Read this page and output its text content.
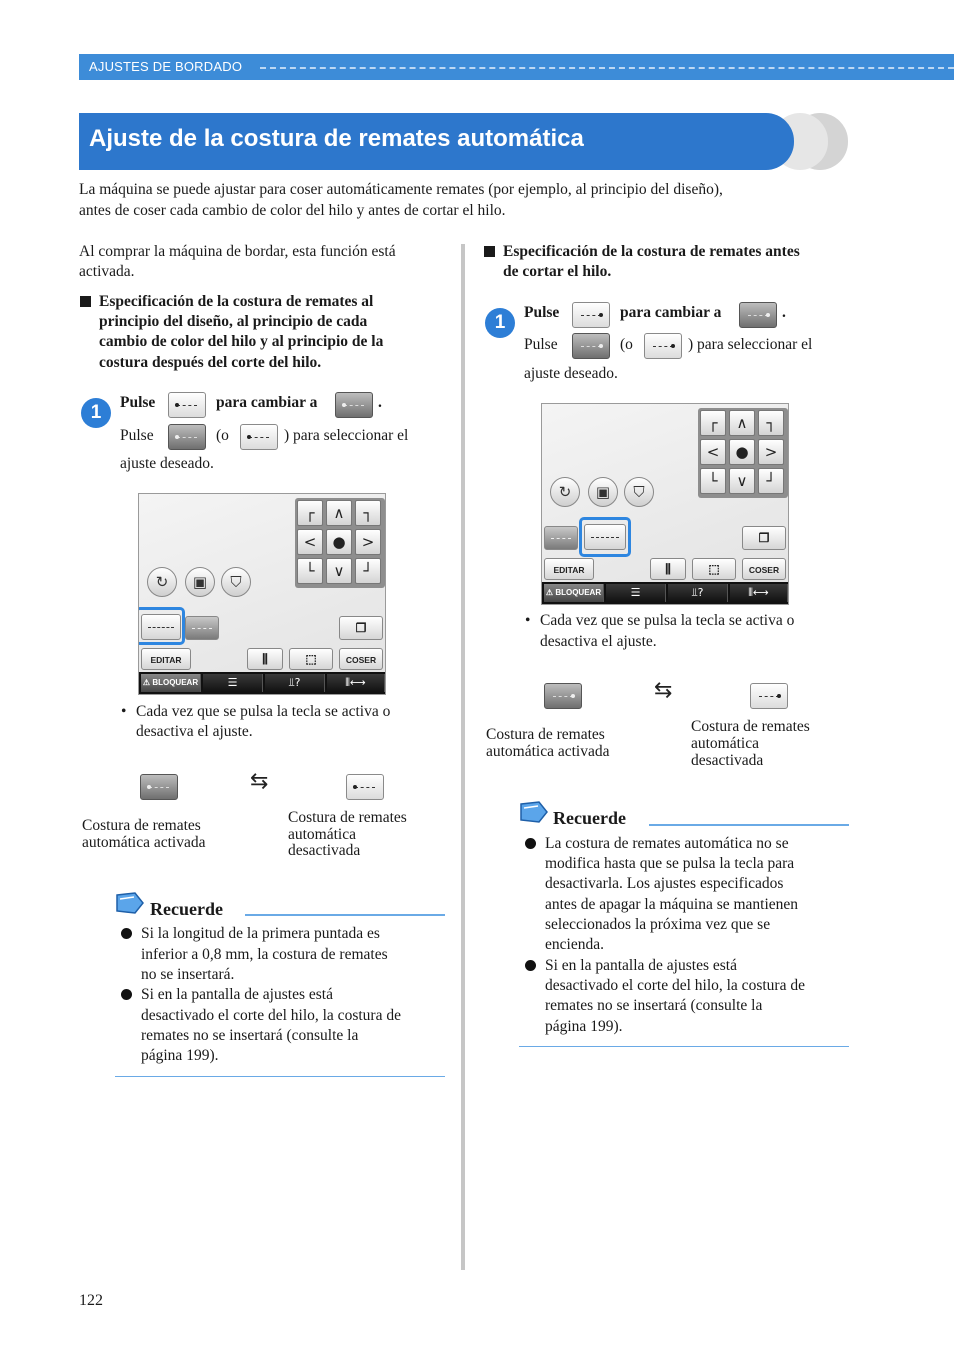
AJUSTES DE BORDADO
Ajuste de la costura de remates automática
La máquina se puede ajustar para coser automáticamente remates (por ejemplo, al principio del diseño),
antes de coser cada cambio de color del hilo y antes de cortar el hilo.
Al comprar la máquina de bordar, esta función está
activada.
Especificación de la costura de remates al
principio del diseño, al principio de cada
cambio de color del hilo y al principio de la
costura después del corte del hilo.
1	Pulse	para cambiar a	.
Pulse	(o	) para seleccionar el
ajuste deseado.
┌	∧	┐
<	●	>
└	∨	┘
↻	▣	⛉
❐
EDITAR	⫼	⬚	COSER
⚠ BLOQUEAR	☰	⫫?	⫴⟷
• Cada vez que se pulsa la tecla se activa o
desactiva el ajuste.
⇆
Costura de remates
automática activada
Costura de remates
automática
desactivada
Recuerde
Si la longitud de la primera puntada es
inferior a 0,8 mm, la costura de remates
no se insertará.
Si en la pantalla de ajustes está
desactivado el corte del hilo, la costura de
remates no se insertará (consulte la
página 199).
Especificación de la costura de remates antes
de cortar el hilo.
1	Pulse	para cambiar a	.
Pulse	(o	) para seleccionar el
ajuste deseado.
┌	∧	┐
<	●	>
└	∨	┘
↻	▣	⛉
❐
EDITAR	⫼	⬚	COSER
⚠ BLOQUEAR	☰	⫫?	⫴⟷
• Cada vez que se pulsa la tecla se activa o
desactiva el ajuste.
⇆
Costura de remates
automática activada
Costura de remates
automática
desactivada
Recuerde
La costura de remates automática no se
modifica hasta que se pulsa la tecla para
desactivarla. Los ajustes especificados
antes de apagar la máquina se mantienen
seleccionados la próxima vez que se
encienda.
Si en la pantalla de ajustes está
desactivado el corte del hilo, la costura de
remates no se insertará (consulte la
página 199).
122
